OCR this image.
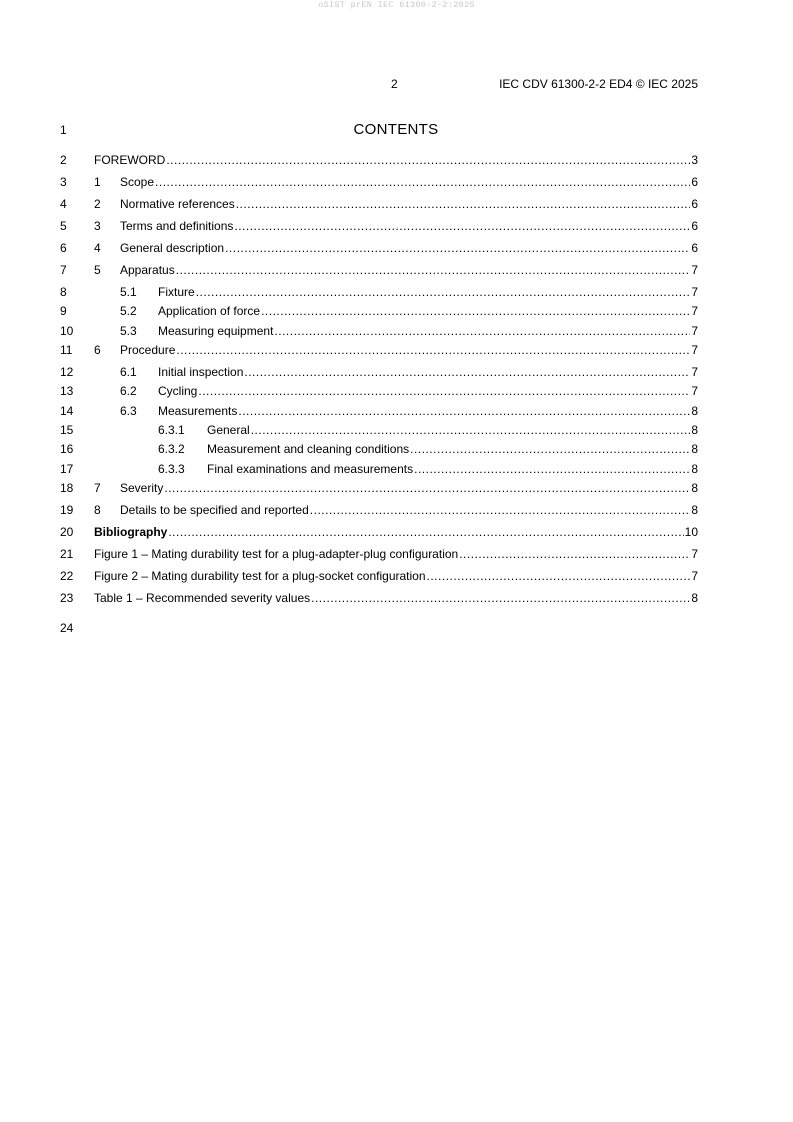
oSIST prEN IEC 61300-2-2:2025
2	IEC CDV 61300-2-2 ED4 © IEC 2025
1
2
3
4
5
6
7
8
9
10
11
12
13
14
15
16
17
18
19
20
21
22
23
24
CONTENTS
FOREWORD .....	3
1	Scope .....	6
2	Normative references .....	6
3	Terms and definitions .....	6
4	General description .....	6
5	Apparatus .....	7
5.1	Fixture .....	7
5.2	Application of force .....	7
5.3	Measuring equipment .....	7
6	Procedure .....	7
6.1	Initial inspection .....	7
6.2	Cycling .....	7
6.3	Measurements .....	8
6.3.1	General .....	8
6.3.2	Measurement and cleaning conditions .....	8
6.3.3	Final examinations and measurements .....	8
7	Severity .....	8
8	Details to be specified and reported .....	8
Bibliography .....	10
Figure 1 – Mating durability test for a plug-adapter-plug configuration .....	7
Figure 2 – Mating durability test for a plug-socket configuration .....	7
Table 1 – Recommended severity values .....	8
